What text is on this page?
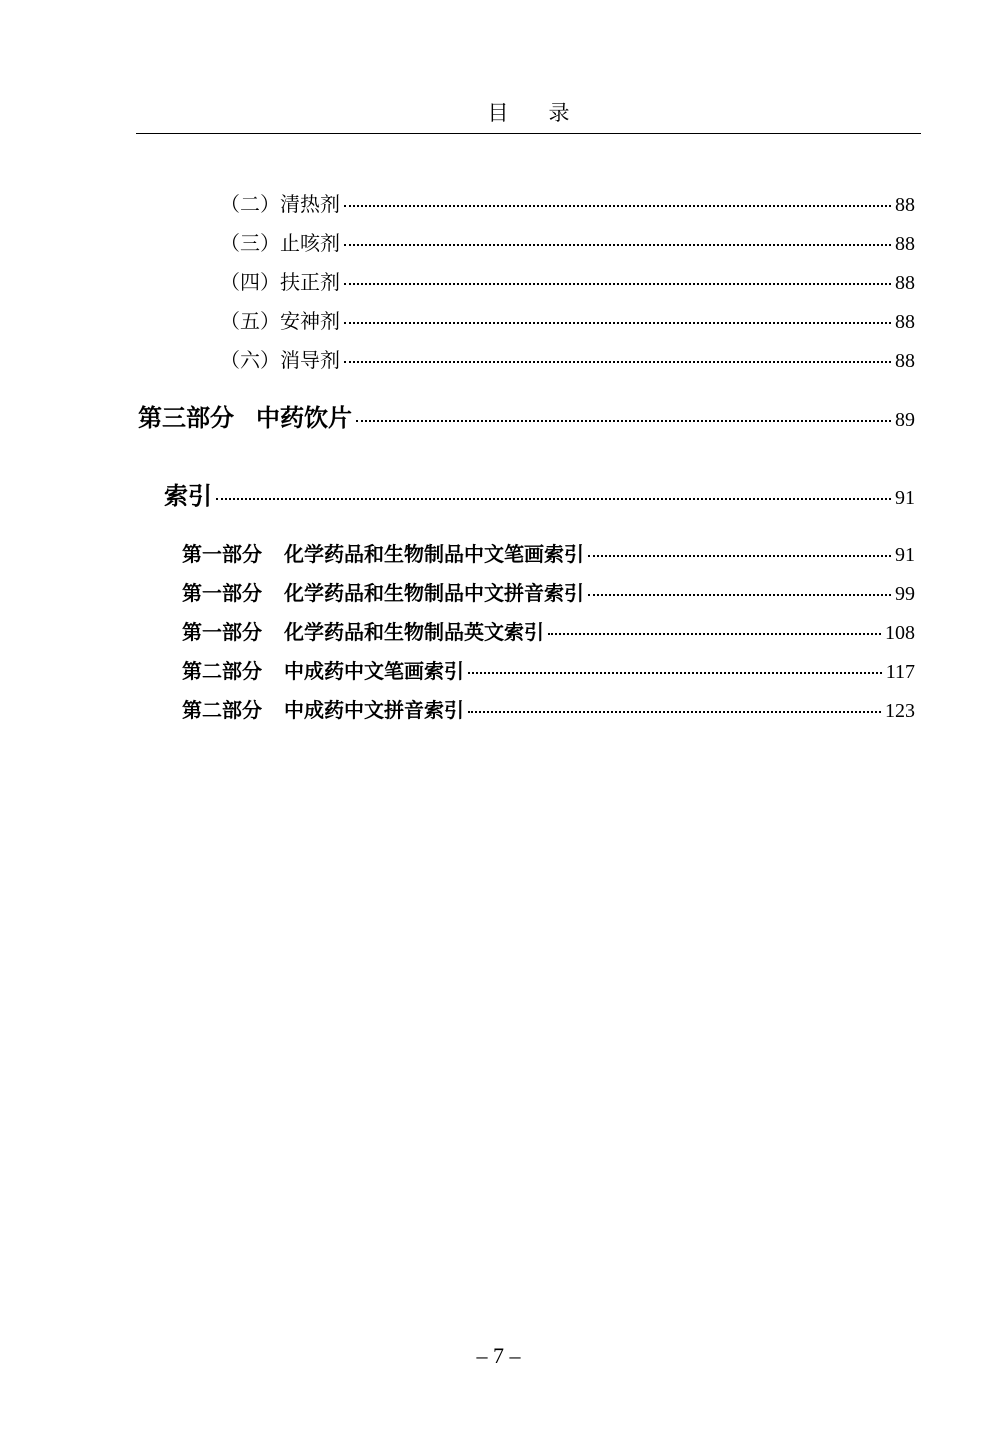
目录
（二）清热剂	88
（三）止咳剂	88
（四）扶正剂	88
（五）安神剂	88
（六）消导剂	88
第三部分 中药饮片	89
索引	91
第一部分 化学药品和生物制品中文笔画索引	91
第一部分 化学药品和生物制品中文拼音索引	99
第一部分 化学药品和生物制品英文索引	108
第二部分 中成药中文笔画索引	117
第二部分 中成药中文拼音索引	123
– 7 –
